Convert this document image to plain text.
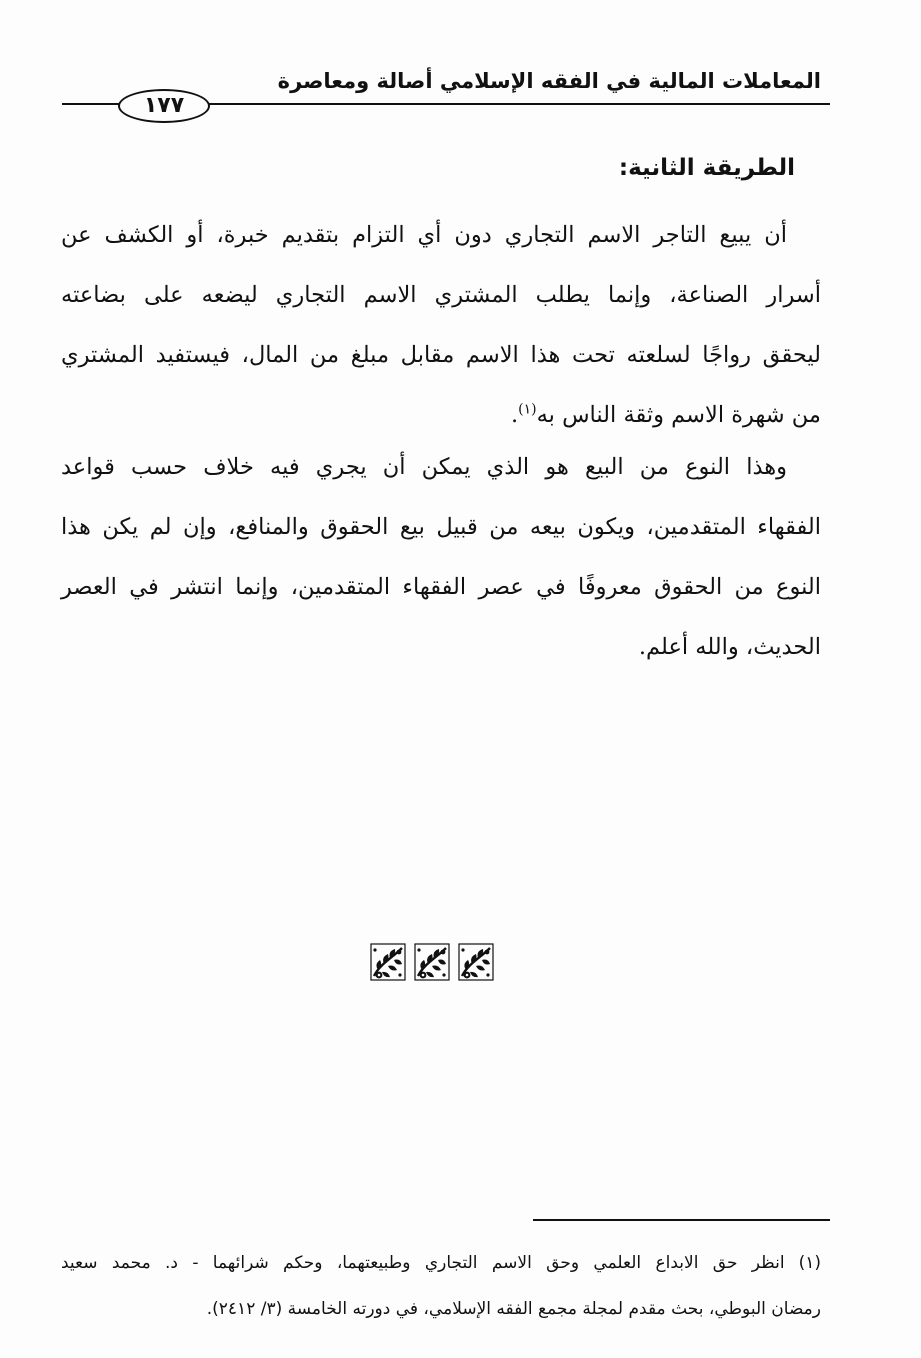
المعاملات المالية في الفقه الإسلامي أصالة ومعاصرة
١٧٧
الطريقة الثانية:
أن يبيع التاجر الاسم التجاري دون أي التزام بتقديم خبرة، أو الكشف عن
أسرار الصناعة، وإنما يطلب المشتري الاسم التجاري ليضعه على بضاعته
ليحقق رواجًا لسلعته تحت هذا الاسم مقابل مبلغ من المال، فيستفيد المشتري
من شهرة الاسم وثقة الناس به$^{(١)}$.
وهذا النوع من البيع هو الذي يمكن أن يجري فيه خلاف حسب قواعد
الفقهاء المتقدمين، ويكون بيعه من قبيل بيع الحقوق والمنافع، وإن لم يكن هذا
النوع من الحقوق معروفًا في عصر الفقهاء المتقدمين، وإنما انتشر في العصر
الحديث، والله أعلم.
(١)انظر حق الابداع العلمي وحق الاسم التجاري وطبيعتهما، وحكم شرائهما - د. محمد سعيد
رمضان البوطي، بحث مقدم لمجلة مجمع الفقه الإسلامي، في دورته الخامسة (٣/ ٢٤١٢).
